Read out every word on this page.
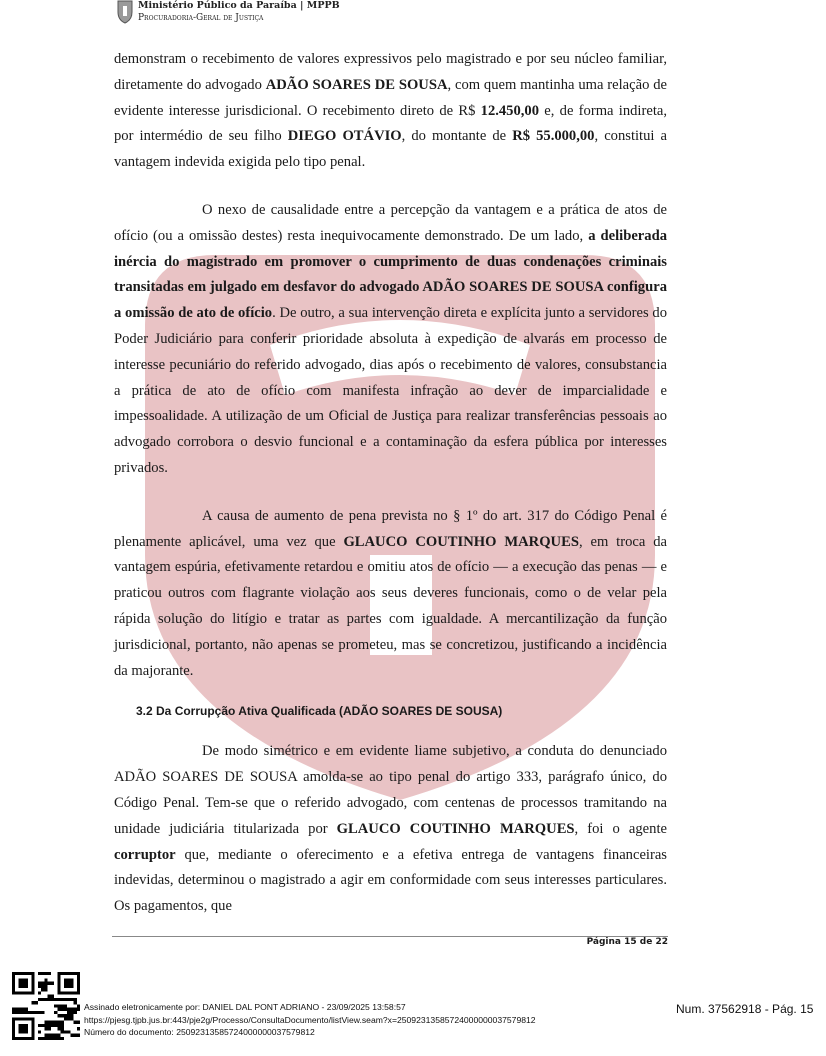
Ministério Público da Paraíba | MPPB
Procuradoria-Geral de Justiça

demonstram o recebimento de valores expressivos pelo magistrado e por seu núcleo familiar, diretamente do advogado ADÃO SOARES DE SOUSA, com quem mantinha uma relação de evidente interesse jurisdicional. O recebimento direto de R$ 12.450,00 e, de forma indireta, por intermédio de seu filho DIEGO OTÁVIO, do montante de R$ 55.000,00, constitui a vantagem indevida exigida pelo tipo penal.

O nexo de causalidade entre a percepção da vantagem e a prática de atos de ofício (ou a omissão destes) resta inequivocamente demonstrado. De um lado, a deliberada inércia do magistrado em promover o cumprimento de duas condenações criminais transitadas em julgado em desfavor do advogado ADÃO SOARES DE SOUSA configura a omissão de ato de ofício. De outro, a sua intervenção direta e explícita junto a servidores do Poder Judiciário para conferir prioridade absoluta à expedição de alvarás em processo de interesse pecuniário do referido advogado, dias após o recebimento de valores, consubstancia a prática de ato de ofício com manifesta infração ao dever de imparcialidade e impessoalidade. A utilização de um Oficial de Justiça para realizar transferências pessoais ao advogado corrobora o desvio funcional e a contaminação da esfera pública por interesses privados.

A causa de aumento de pena prevista no § 1º do art. 317 do Código Penal é plenamente aplicável, uma vez que GLAUCO COUTINHO MARQUES, em troca da vantagem espúria, efetivamente retardou e omitiu atos de ofício — a execução das penas — e praticou outros com flagrante violação aos seus deveres funcionais, como o de velar pela rápida solução do litígio e tratar as partes com igualdade. A mercantilização da função jurisdicional, portanto, não apenas se prometeu, mas se concretizou, justificando a incidência da majorante.

3.2 Da Corrupção Ativa Qualificada (ADÃO SOARES DE SOUSA)

De modo simétrico e em evidente liame subjetivo, a conduta do denunciado ADÃO SOARES DE SOUSA amolda-se ao tipo penal do artigo 333, parágrafo único, do Código Penal. Tem-se que o referido advogado, com centenas de processos tramitando na unidade judiciária titularizada por GLAUCO COUTINHO MARQUES, foi o agente corruptor que, mediante o oferecimento e a efetiva entrega de vantagens financeiras indevidas, determinou o magistrado a agir em conformidade com seus interesses particulares. Os pagamentos, que

Página 15 de 22
Assinado eletronicamente por: DANIEL DAL PONT ADRIANO - 23/09/2025 13:58:57
https://pjesg.tjpb.jus.br:443/pje2g/Processo/ConsultaDocumento/listView.seam?x=25092313585724000000037579812
Número do documento: 25092313585724000000037579812
Num. 37562918 - Pág. 15
